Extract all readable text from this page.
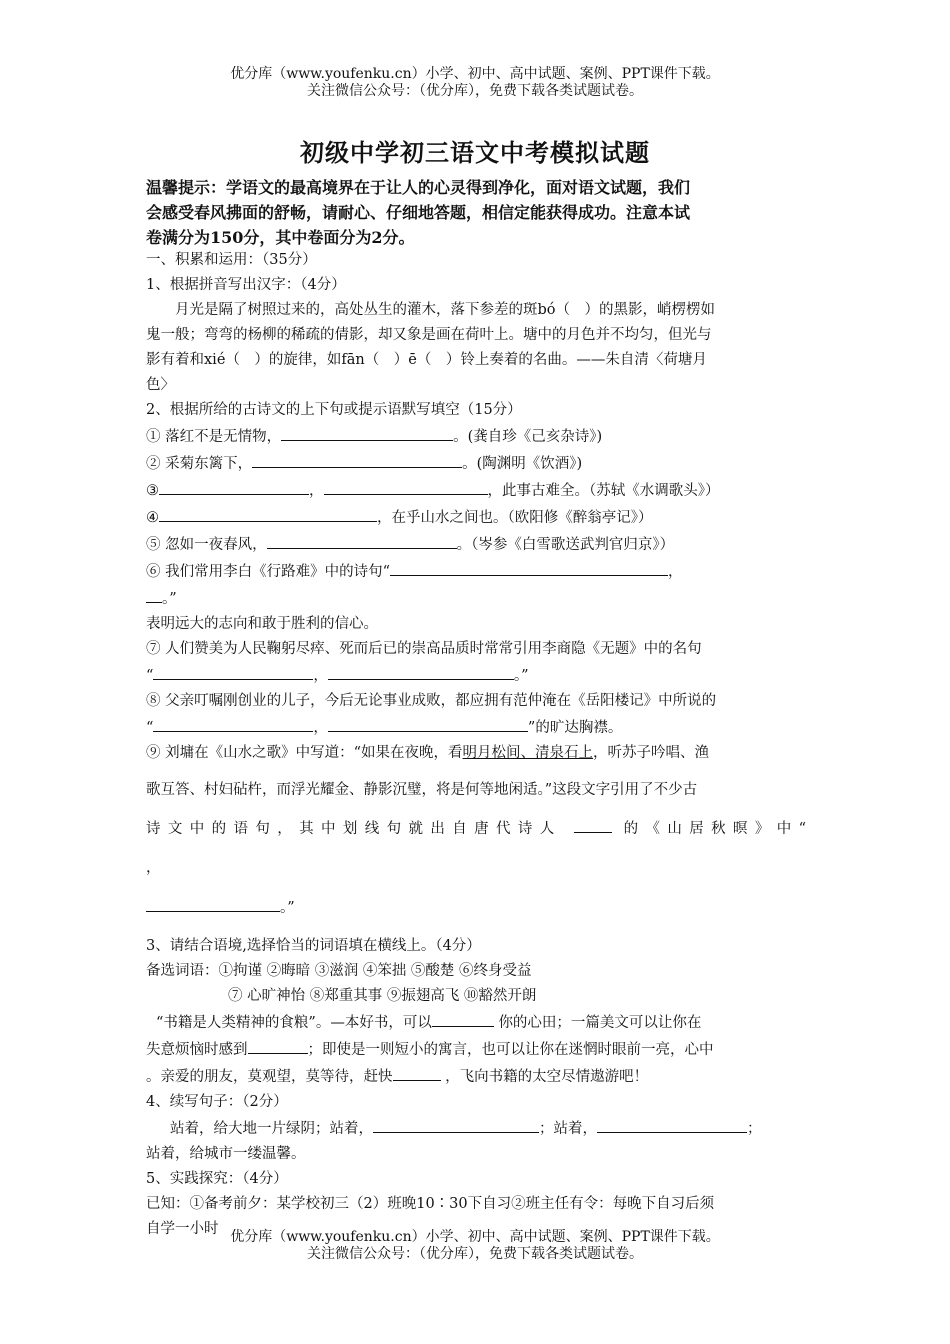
优分库（www.youfenku.cn）小学、初中、高中试题、案例、PPT课件下载。
关注微信公众号：（优分库），免费下载各类试题试卷。
初级中学初三语文中考模拟试题
温馨提示：学语文的最高境界在于让人的心灵得到净化，面对语文试题，我们
会感受春风拂面的舒畅，请耐心、仔细地答题，相信定能获得成功。注意本试
卷满分为150分，其中卷面分为2分。
一、积累和运用：（35分）
1、根据拼音写出汉字：（4分）
月光是隔了树照过来的，高处丛生的灌木，落下参差的斑bó（　）的黑影，峭楞楞如
鬼一般；弯弯的杨柳的稀疏的倩影，却又象是画在荷叶上。塘中的月色并不均匀，但光与
影有着和xié（　）的旋律，如fān（　）ē（　）铃上奏着的名曲。——朱自清〈荷塘月
色〉
2、根据所给的古诗文的上下句或提示语默写填空（15分）
① 落红不是无情物，	。(龚自珍《己亥杂诗》)
② 采菊东篱下，	。(陶渊明《饮酒》)
③	，	，此事古难全。（苏轼《水调歌头》）
④	，在乎山水之间也。（欧阳修《醉翁亭记》）
⑤ 忽如一夜春风，	。（岑参《白雪歌送武判官归京》）
⑥ 我们常用李白《行路难》中的诗句“	，
。”
表明远大的志向和敢于胜利的信心。
⑦ 人们赞美为人民鞠躬尽瘁、死而后已的崇高品质时常常引用李商隐《无题》中的名句
“	，	。”
⑧ 父亲叮嘱刚创业的儿子，今后无论事业成败，都应拥有范仲淹在《岳阳楼记》中所说的
“	，	”的旷达胸襟。
⑨ 刘墉在《山水之歌》中写道：“如果在夜晚，看明月松间、清泉石上，听苏子吟唱、渔
歌互答、村妇砧杵，而浮光耀金、静影沉璧，将是何等地闲适。”这段文字引用了不少古
诗文中的语句，其中划线句就出自唐代诗人	的《山居秋暝》中“
，
。”
3、请结合语境,选择恰当的词语填在横线上。（4分）
备选词语：①拘谨 ②晦暗 ③滋润 ④笨拙 ⑤酸楚 ⑥终身受益
⑦ 心旷神怡 ⑧郑重其事 ⑨振翅高飞 ⑩豁然开朗
“书籍是人类精神的食粮”。—本好书，可以	你的心田；一篇美文可以让你在
失意烦恼时感到	；即使是一则短小的寓言，也可以让你在迷惘时眼前一亮，心中
。亲爱的朋友，莫观望，莫等待，赶快	，飞向书籍的太空尽情遨游吧！
4、续写句子：（2分）
站着，给大地一片绿阴；站着，	；站着，	；
站着，给城市一缕温馨。
5、实践探究：（4分）
已知：①备考前夕：某学校初三（2）班晚10∶30下自习②班主任有令：每晚下自习后须
自学一小时 优分库（www.youfenku.cn）小学、初中、高中试题、案例、PPT课件下载。
关注微信公众号：（优分库），免费下载各类试题试卷。
